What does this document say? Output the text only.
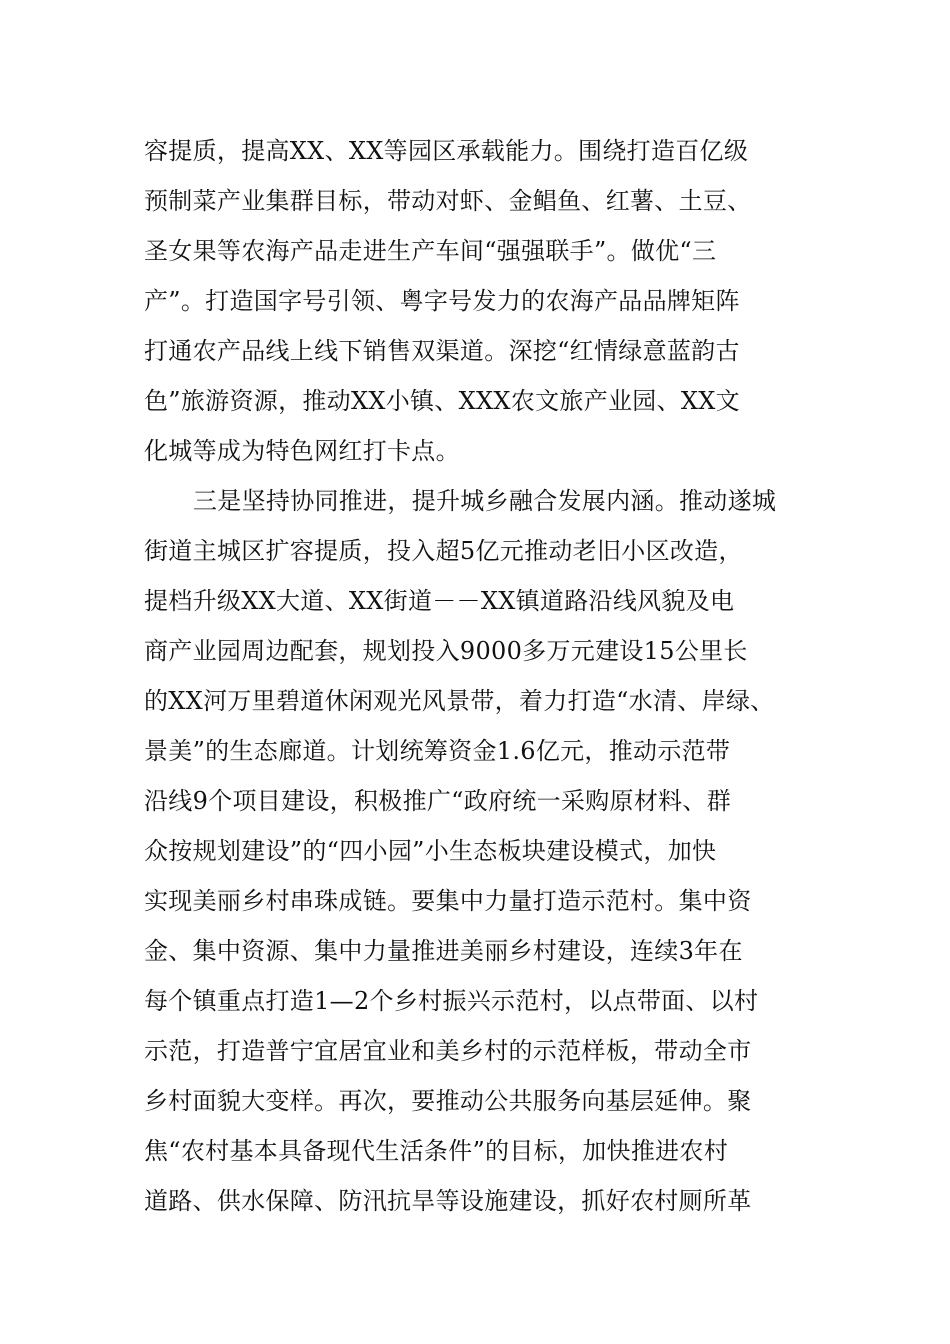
容提质，提高XX、XX等园区承载能力。围绕打造百亿级
预制菜产业集群目标，带动对虾、金鲳鱼、红薯、土豆、
圣女果等农海产品走进生产车间“强强联手”。做优“三
产”。打造国字号引领、粤字号发力的农海产品品牌矩阵
打通农产品线上线下销售双渠道。深挖“红情绿意蓝韵古
色”旅游资源，推动XX小镇、XXX农文旅产业园、XX文
化城等成为特色网红打卡点。
三是坚持协同推进，提升城乡融合发展内涵。推动遂城
街道主城区扩容提质，投入超5亿元推动老旧小区改造，
提档升级XX大道、XX街道－－XX镇道路沿线风貌及电
商产业园周边配套，规划投入9000多万元建设15公里长
的XX河万里碧道休闲观光风景带，着力打造“水清、岸绿、
景美”的生态廊道。计划统筹资金1.6亿元，推动示范带
沿线9个项目建设，积极推广“政府统一采购原材料、群
众按规划建设”的“四小园”小生态板块建设模式，加快
实现美丽乡村串珠成链。要集中力量打造示范村。集中资
金、集中资源、集中力量推进美丽乡村建设，连续3年在
每个镇重点打造1—2个乡村振兴示范村，以点带面、以村
示范，打造普宁宜居宜业和美乡村的示范样板，带动全市
乡村面貌大变样。再次，要推动公共服务向基层延伸。聚
焦“农村基本具备现代生活条件”的目标，加快推进农村
道路、供水保障、防汛抗旱等设施建设，抓好农村厕所革
